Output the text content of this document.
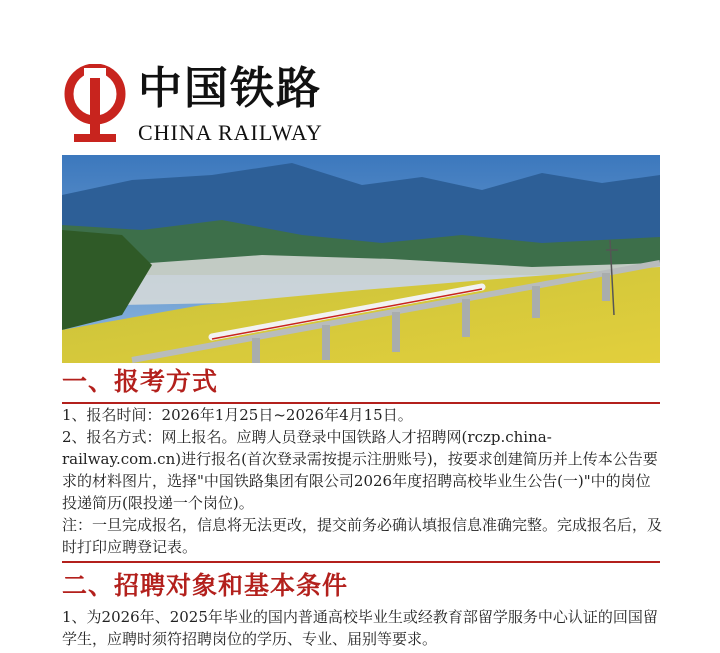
中国铁路
CHINA RAILWAY
一、报考方式

1、报名时间：2026年1月25日~2026年4月15日。

2、报名方式：网上报名。应聘人员登录中国铁路人才招聘网(rczp.china-railway.com.cn)进行报名(首次登录需按提示注册账号)，按要求创建简历并上传本公告要求的材料图片，选择"中国铁路集团有限公司2026年度招聘高校毕业生公告(一)"中的岗位投递简历(限投递一个岗位)。

注：一旦完成报名，信息将无法更改，提交前务必确认填报信息准确完整。完成报名后，及时打印应聘登记表。

二、招聘对象和基本条件

1、为2026年、2025年毕业的国内普通高校毕业生或经教育部留学服务中心认证的回国留学生，应聘时须符招聘岗位的学历、专业、届别等要求。
